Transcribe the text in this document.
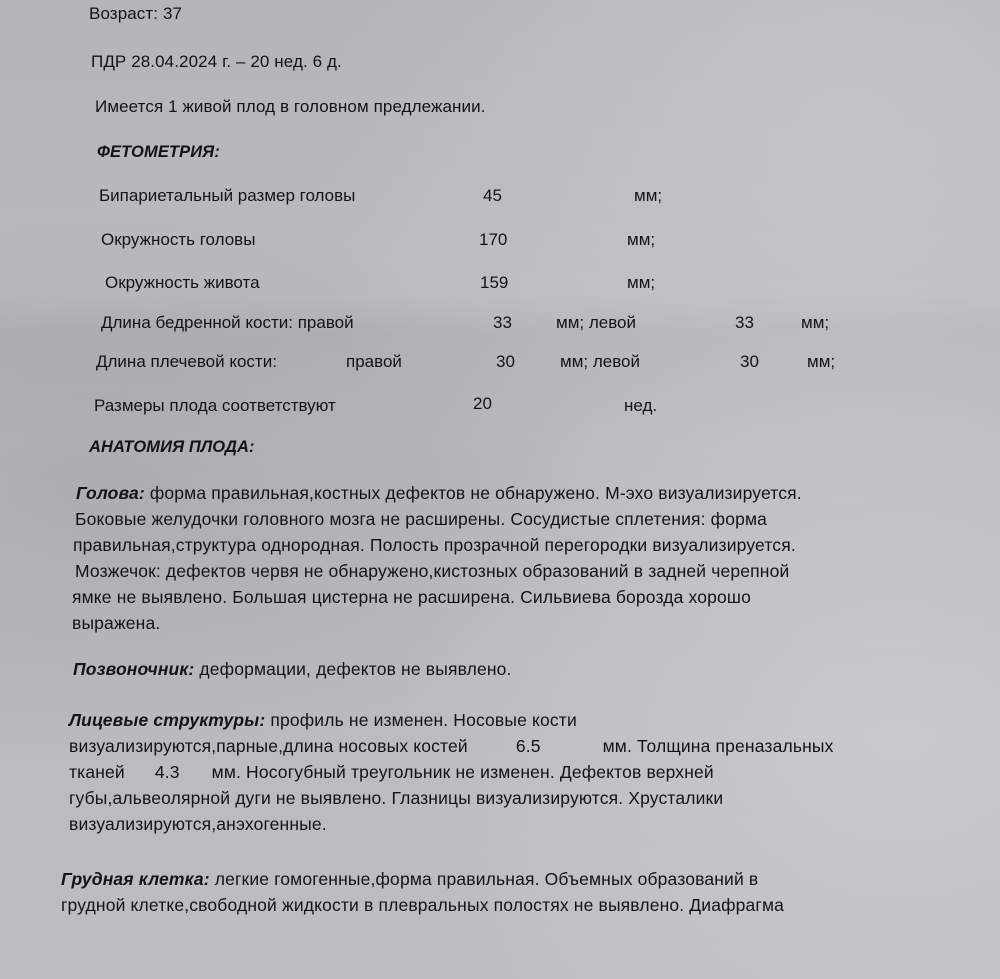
Возраст: 37
ПДР 28.04.2024 г. – 20 нед. 6 д.
Имеется 1 живой плод в головном предлежании.
ФЕТОМЕТРИЯ:
Бипариетальный размер головы	45	мм;
Окружность головы	170	мм;
Окружность живота	159	мм;
Длина бедренной кости: правой	33	мм; левой	33	мм;
Длина плечевой кости:	правой	30	мм; левой	30	мм;
Размеры плода соответствуют	20	нед.
АНАТОМИЯ ПЛОДА:
Голова: форма правильная,костных дефектов не обнаружено. М-эхо визуализируется.
Боковые желудочки головного мозга не расширены. Сосудистые сплетения: форма
правильная,структура однородная. Полость прозрачной перегородки визуализируется.
Мозжечок: дефектов червя не обнаружено,кистозных образований в задней черепной
ямке не выявлено. Большая цистерна не расширена. Сильвиева борозда хорошо
выражена.
Позвоночник: деформации, дефектов не выявлено.
Лицевые структуры: профиль не изменен. Носовые кости
визуализируются,парные,длина носовых костей	6.5	мм. Толщина преназальных
тканей 4.3 мм. Носогубный треугольник не изменен. Дефектов верхней
губы,альвеолярной дуги не выявлено. Глазницы визуализируются. Хрусталики
визуализируются,анэхогенные.
Грудная клетка: легкие гомогенные,форма правильная. Объемных образований в
грудной клетке,свободной жидкости в плевральных полостях не выявлено. Диафрагма
